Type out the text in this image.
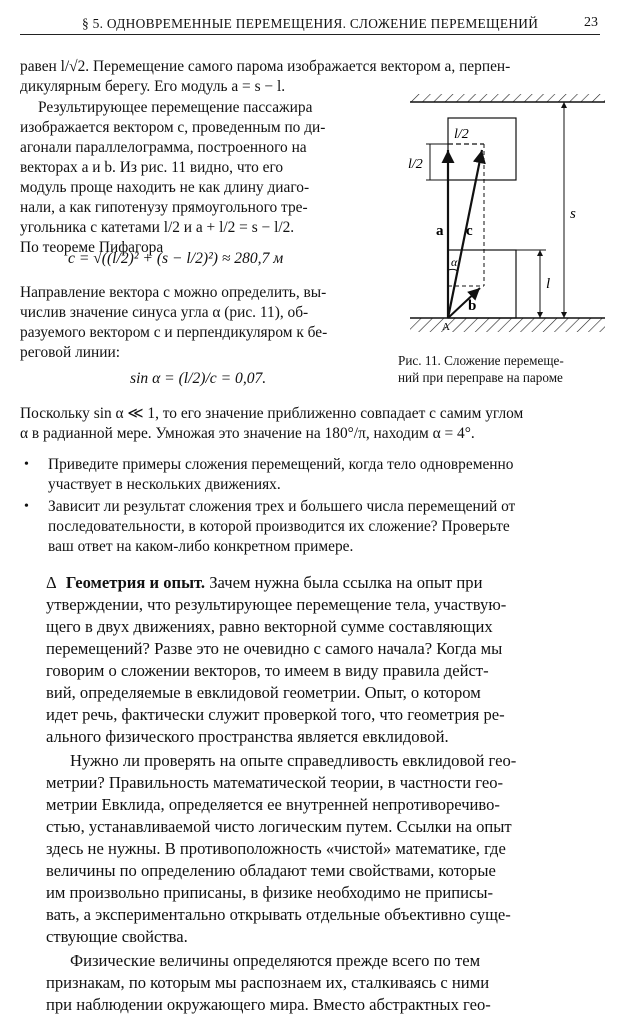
§ 5. ОДНОВРЕМЕННЫЕ ПЕРЕМЕЩЕНИЯ. СЛОЖЕНИЕ ПЕРЕМЕЩЕНИЙ	23
равен l/√2. Перемещение самого парома изображается вектором a, перпен-
дикулярным берегу. Его модуль a = s − l.
Результирующее перемещение пассажира
изображается вектором c, проведенным по ди-
агонали параллелограмма, построенного на
векторах a и b. Из рис. 11 видно, что его
модуль проще находить не как длину диаго-
нали, а как гипотенузу прямоугольного тре-
угольника с катетами l/2 и a + l/2 = s − l/2.
По теореме Пифагора
c = √((l/2)² + (s − l/2)²) ≈ 280,7 м
Направление вектора c можно определить, вы-
числив значение синуса угла α (рис. 11), об-
разуемого вектором c и перпендикуляром к бе-
реговой линии:
sin α = (l/2)/c = 0,07.
l/2
l/2
a c
b
α
l
s
A
Рис. 11. Сложение перемеще-
ний при переправе на пароме
Поскольку sin α ≪ 1, то его значение приближенно совпадает с самим углом
α в радианной мере. Умножая это значение на 180°/π, находим α = 4°.
• Приведите примеры сложения перемещений, когда тело одновременно
участвует в нескольких движениях.
• Зависит ли результат сложения трех и большего числа перемещений от
последовательности, в которой производится их сложение? Проверьте
ваш ответ на каком-либо конкретном примере.
Δ Геометрия и опыт. Зачем нужна была ссылка на опыт при
утверждении, что результирующее перемещение тела, участвую-
щего в двух движениях, равно векторной сумме составляющих
перемещений? Разве это не очевидно с самого начала? Когда мы
говорим о сложении векторов, то имеем в виду правила дейст-
вий, определяемые в евклидовой геометрии. Опыт, о котором
идет речь, фактически служит проверкой того, что геометрия ре-
ального физического пространства является евклидовой.
Нужно ли проверять на опыте справедливость евклидовой гео-
метрии? Правильность математической теории, в частности гео-
метрии Евклида, определяется ее внутренней непротиворечиво-
стью, устанавливаемой чисто логическим путем. Ссылки на опыт
здесь не нужны. В противоположность «чистой» математике, где
величины по определению обладают теми свойствами, которые
им произвольно приписаны, в физике необходимо не приписы-
вать, а экспериментально открывать отдельные объективно суще-
ствующие свойства.
Физические величины определяются прежде всего по тем
признакам, по которым мы распознаем их, сталкиваясь с ними
при наблюдении окружающего мира. Вместо абстрактных гео-
